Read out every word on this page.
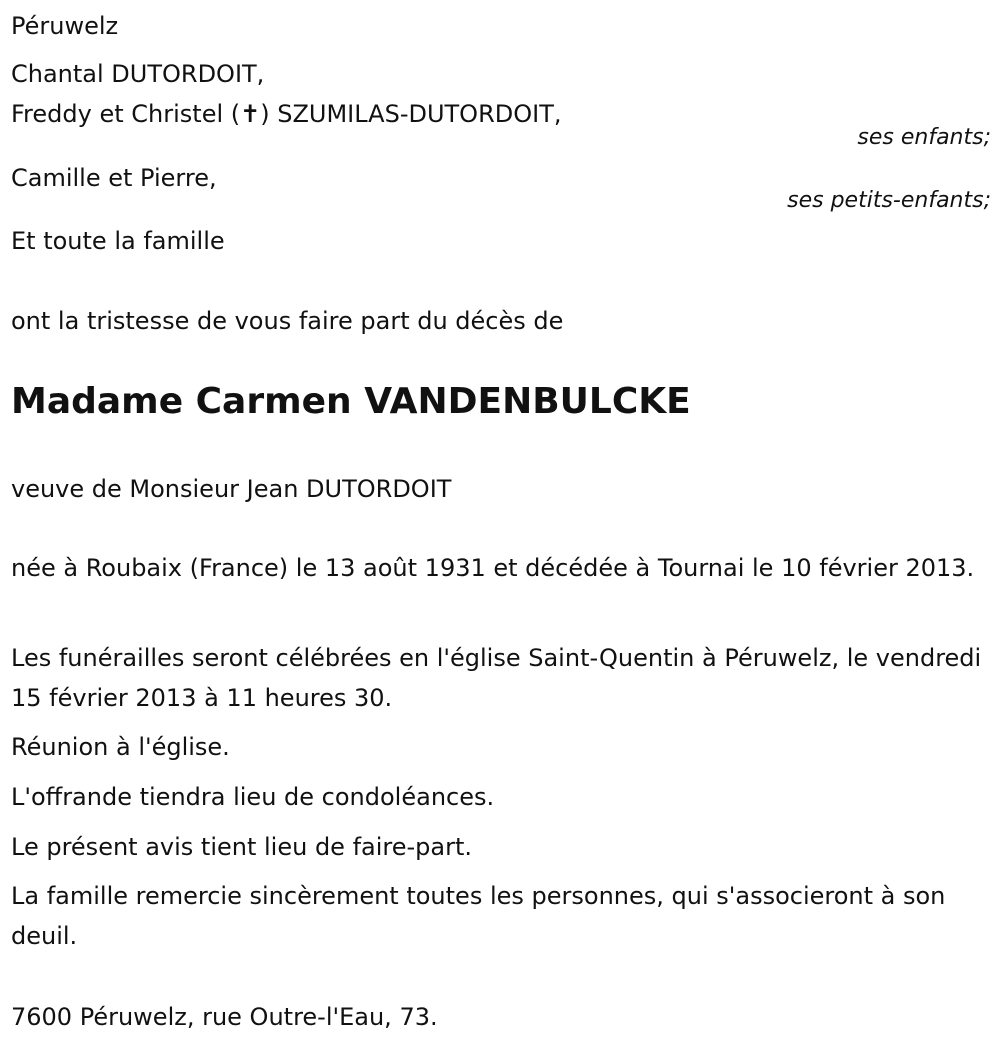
Péruwelz
Chantal DUTORDOIT,
Freddy et Christel (✝) SZUMILAS-DUTORDOIT,
ses enfants;
Camille et Pierre,
ses petits-enfants;
Et toute la famille
ont la tristesse de vous faire part du décès de
Madame Carmen VANDENBULCKE
veuve de Monsieur Jean DUTORDOIT
née à Roubaix (France) le 13 août 1931 et décédée à Tournai le 10 février 2013.
Les funérailles seront célébrées en l'église Saint-Quentin à Péruwelz, le vendredi 15 février 2013 à 11 heures 30.
Réunion à l'église.
L'offrande tiendra lieu de condoléances.
Le présent avis tient lieu de faire-part.
La famille remercie sincèrement toutes les personnes, qui s'associeront à son deuil.
7600 Péruwelz, rue Outre-l'Eau, 73.
